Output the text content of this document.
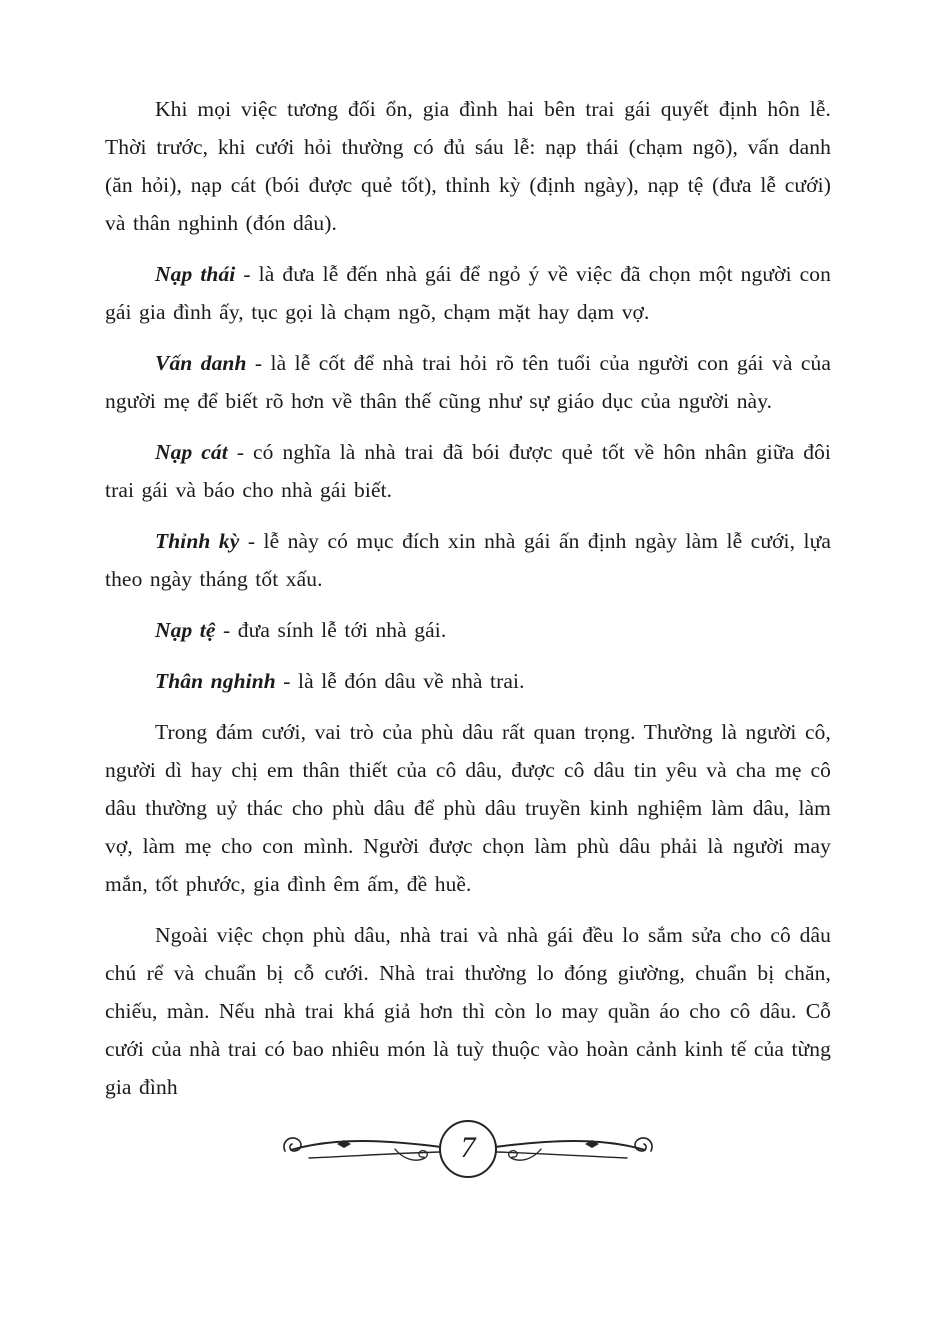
Khi mọi việc tương đối ổn, gia đình hai bên trai gái quyết định hôn lễ. Thời trước, khi cưới hỏi thường có đủ sáu lễ: nạp thái (chạm ngõ), vấn danh (ăn hỏi), nạp cát (bói được quẻ tốt), thỉnh kỳ (định ngày), nạp tệ (đưa lễ cưới) và thân nghinh (đón dâu).

Nạp thái - là đưa lễ đến nhà gái để ngỏ ý về việc đã chọn một người con gái gia đình ấy, tục gọi là chạm ngõ, chạm mặt hay dạm vợ.

Vấn danh - là lễ cốt để nhà trai hỏi rõ tên tuổi của người con gái và của người mẹ để biết rõ hơn về thân thế cũng như sự giáo dục của người này.

Nạp cát - có nghĩa là nhà trai đã bói được quẻ tốt về hôn nhân giữa đôi trai gái và báo cho nhà gái biết.

Thỉnh kỳ - lễ này có mục đích xin nhà gái ấn định ngày làm lễ cưới, lựa theo ngày tháng tốt xấu.

Nạp tệ - đưa sính lễ tới nhà gái.

Thân nghinh - là lễ đón dâu về nhà trai.

Trong đám cưới, vai trò của phù dâu rất quan trọng. Thường là người cô, người dì hay chị em thân thiết của cô dâu, được cô dâu tin yêu và cha mẹ cô dâu thường uỷ thác cho phù dâu để phù dâu truyền kinh nghiệm làm dâu, làm vợ, làm mẹ cho con mình. Người được chọn làm phù dâu phải là người may mắn, tốt phước, gia đình êm ấm, đề huề.

Ngoài việc chọn phù dâu, nhà trai và nhà gái đều lo sắm sửa cho cô dâu chú rể và chuẩn bị cỗ cưới. Nhà trai thường lo đóng giường, chuẩn bị chăn, chiếu, màn. Nếu nhà trai khá giả hơn thì còn lo may quần áo cho cô dâu. Cỗ cưới của nhà trai có bao nhiêu món là tuỳ thuộc vào hoàn cảnh kinh tế của từng gia đình

7
